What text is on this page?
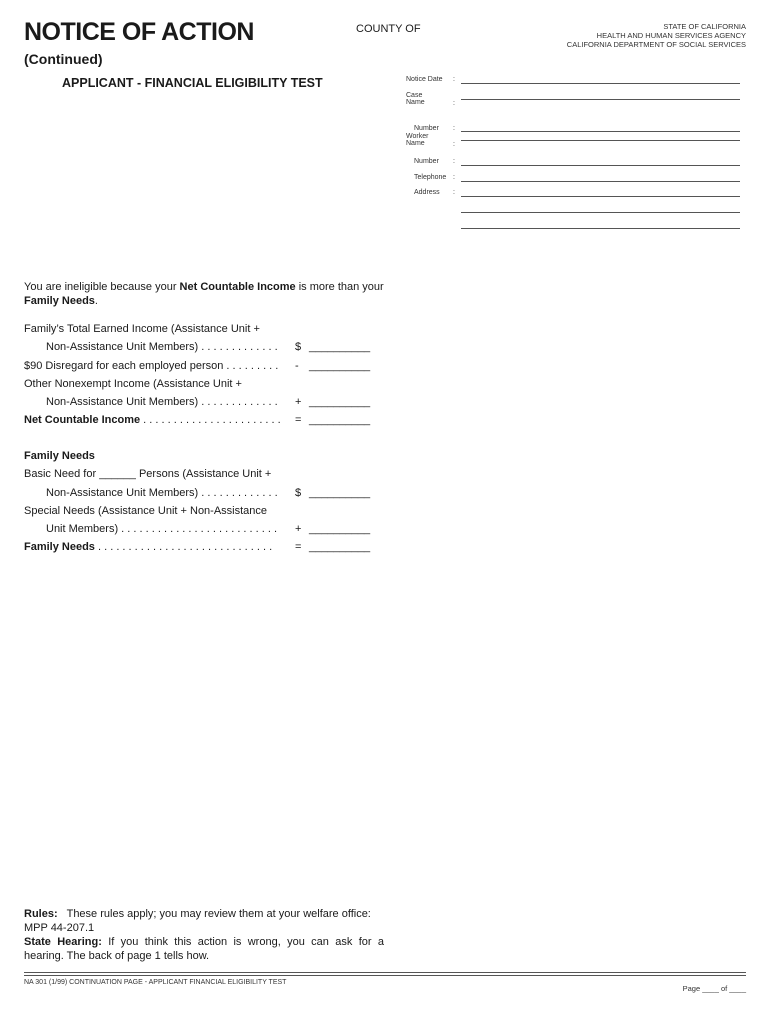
NOTICE OF ACTION
(Continued)
COUNTY OF	STATE OF CALIFORNIA
HEALTH AND HUMAN SERVICES AGENCY
CALIFORNIA DEPARTMENT OF SOCIAL SERVICES
APPLICANT - FINANCIAL ELIGIBILITY TEST	Notice Date :
Case
Name	:
Number :
Worker
Name	:
Number :
Telephone :
Address :
You are ineligible because your Net Countable Income is more than your Family Needs.
Family’s Total Earned Income (Assistance Unit +
Non-Assistance Unit Members) . . . . . . . . . . . . . $ __________
$90 Disregard for each employed person . . . . . . . . . - __________
Other Nonexempt Income (Assistance Unit +
Non-Assistance Unit Members) . . . . . . . . . . . . . + __________
Net Countable Income . . . . . . . . . . . . . . . . . . . . . . . = __________
Family Needs
Basic Need for ______ Persons (Assistance Unit +
Non-Assistance Unit Members) . . . . . . . . . . . . . $ __________
Special Needs (Assistance Unit + Non-Assistance
Unit Members) . . . . . . . . . . . . . . . . . . . . . . . . . . + __________
Family Needs . . . . . . . . . . . . . . . . . . . . . . . . . . . . . = __________

Rules:   These rules apply; you may review them at your welfare office:

MPP 44-207.1

State Hearing: If you think this action is wrong, you can ask for a hearing. The back of page 1 tells how.

NA 301 (1/99) CONTINUATION PAGE - APPLICANT FINANCIAL ELIGIBILITY TEST
Page ____ of ____
